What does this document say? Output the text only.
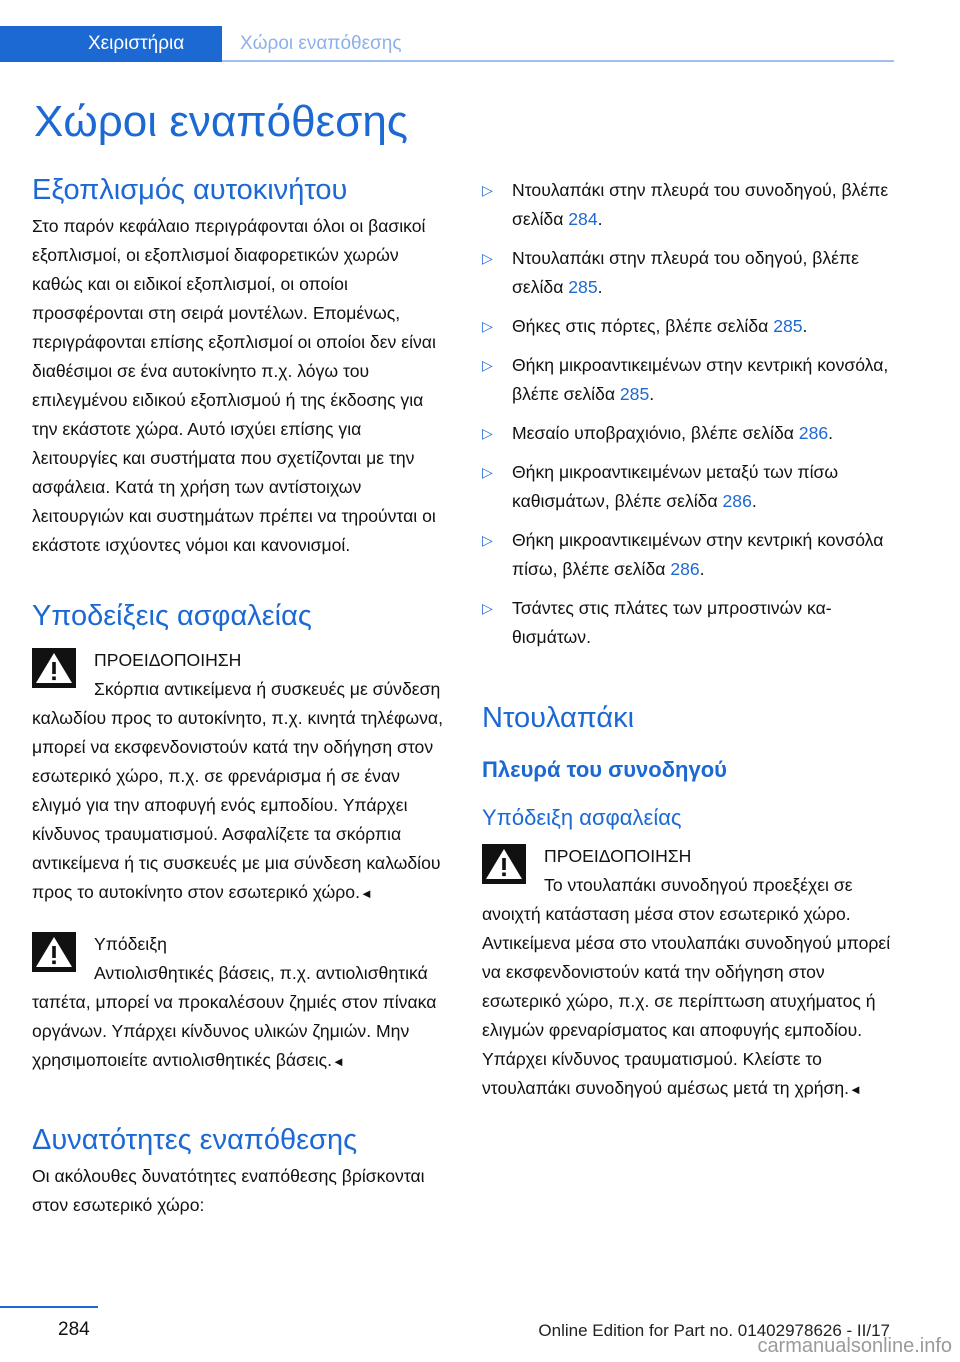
Χειριστήρια	Χώροι εναπόθεσης
Χώροι εναπόθεσης
Εξοπλισμός αυτοκινήτου

Στο παρόν κεφάλαιο περιγράφονται όλοι οι βασικοί εξοπλισμοί, οι εξοπλισμοί διαφορετικών χωρών καθώς και οι ειδικοί εξοπλισμοί, οι οποίοι προσφέρονται στη σειρά μοντέλων. Επομένως, περιγράφονται επίσης εξοπλισμοί οι οποίοι δεν είναι διαθέσιμοι σε ένα αυτοκίνητο π.χ. λόγω του επιλεγμένου ειδικού εξοπλισμού ή της έκδοσης για την εκάστοτε χώρα. Αυτό ισχύει επίσης για λειτουργίες και συστήματα που σχετίζονται με την ασφάλεια. Κατά τη χρήση των αντίστοιχων λειτουργιών και συστημάτων πρέπει να τηρούνται οι εκάστοτε ισχύοντες νόμοι και κανονισμοί.

Υποδείξεις ασφαλείας
ΠΡΟΕΙΔΟΠΟΙΗΣΗ

Σκόρπια αντικείμενα ή συσκευές με σύνδεση καλωδίου προς το αυτοκίνητο, π.χ. κινητά τηλέφωνα, μπορεί να εκσφενδονιστούν κατά την οδήγηση στον εσωτερικό χώρο, π.χ. σε φρενάρισμα ή σε έναν ελιγμό για την αποφυγή ενός εμποδίου. Υπάρχει κίνδυνος τραυματισμού. Ασφαλίζετε τα σκόρπια αντικείμενα ή τις συσκευές με μια σύνδεση καλωδίου προς το αυτοκίνητο στον εσωτερικό χώρο.◄

Υπόδειξη

Αντιολισθητικές βάσεις, π.χ. αντιολισθητικά ταπέτα, μπορεί να προκαλέσουν ζημιές στον πίνακα οργάνων. Υπάρχει κίνδυνος υλικών ζημιών. Μην χρησιμοποιείτε αντιολισθητικές βάσεις.◄

Δυνατότητες εναπόθεσης

Οι ακόλουθες δυνατότητες εναπόθεσης βρίσκονται στον εσωτερικό χώρο:

▷ Ντουλαπάκι στην πλευρά του συνοδηγού, βλέπε σελίδα 284.
▷ Ντουλαπάκι στην πλευρά του οδηγού, βλέπε σελίδα 285.
▷ Θήκες στις πόρτες, βλέπε σελίδα 285.
▷ Θήκη μικροαντικειμένων στην κεντρική κονσόλα, βλέπε σελίδα 285.
▷ Μεσαίο υποβραχιόνιο, βλέπε σελίδα 286.
▷ Θήκη μικροαντικειμένων μεταξύ των πίσω καθισμάτων, βλέπε σελίδα 286.
▷ Θήκη μικροαντικειμένων στην κεντρική κονσόλα πίσω, βλέπε σελίδα 286.
▷ Τσάντες στις πλάτες των μπροστινών καθισμάτων.
Ντουλαπάκι
Πλευρά του συνοδηγού
Υπόδειξη ασφαλείας
ΠΡΟΕΙΔΟΠΟΙΗΣΗ

Το ντουλαπάκι συνοδηγού προεξέχει σε ανοιχτή κατάσταση μέσα στον εσωτερικό χώρο. Αντικείμενα μέσα στο ντουλαπάκι συνοδηγού μπορεί να εκσφενδονιστούν κατά την οδήγηση στον εσωτερικό χώρο, π.χ. σε περίπτωση ατυχήματος ή ελιγμών φρεναρίσματος και αποφυγής εμποδίου. Υπάρχει κίνδυνος τραυματισμού. Κλείστε το ντουλαπάκι συνοδηγού αμέσως μετά τη χρήση.◄

284	Online Edition for Part no. 01402978626 - II/17
carmanualsonline.info
